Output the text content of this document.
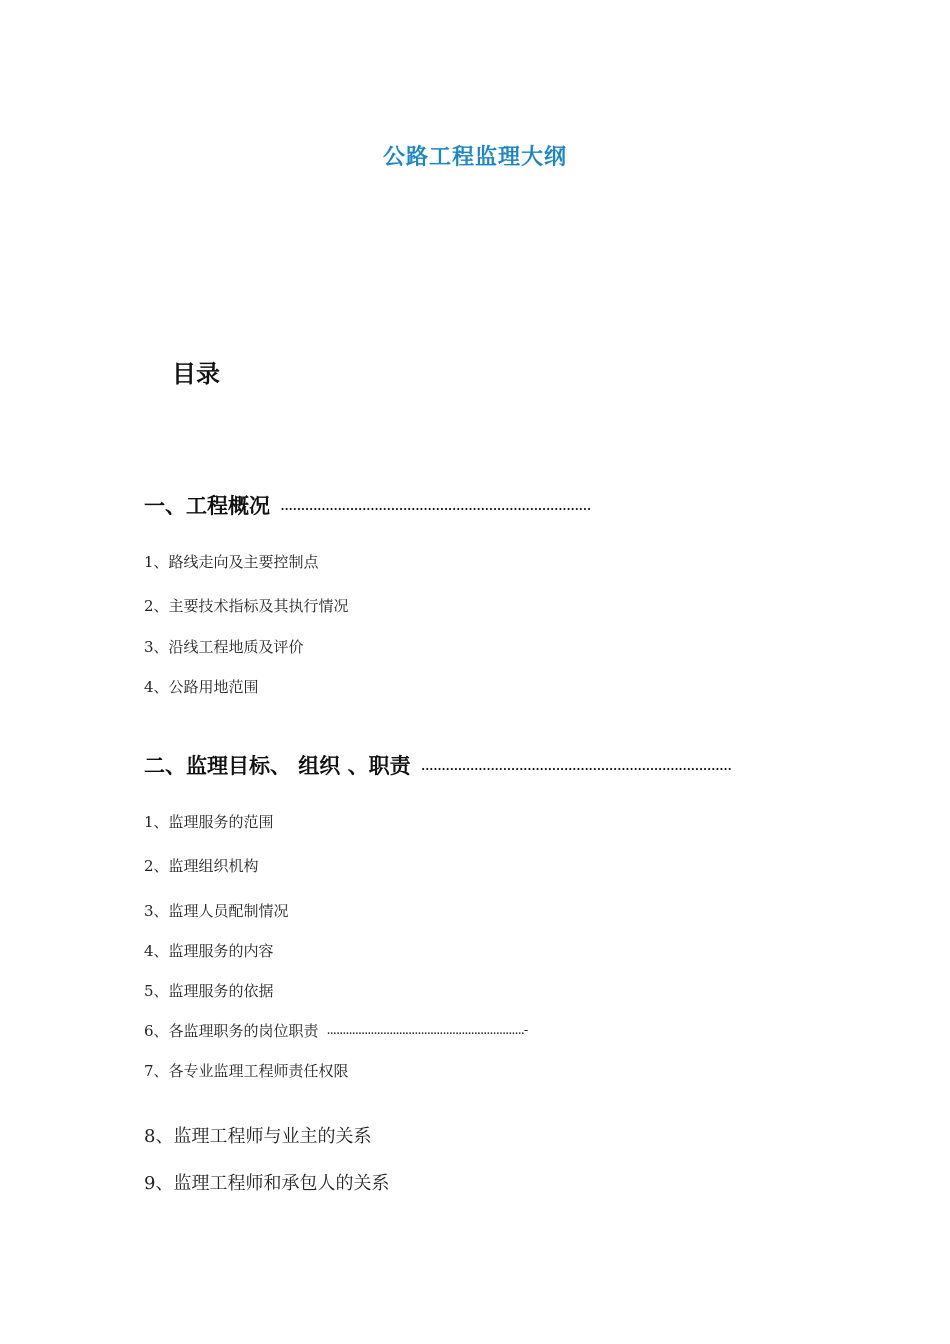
公路工程监理大纲
目录
一、工程概况 ............................................................................
1、路线走向及主要控制点
2、主要技术指标及其执行情况
3、沿线工程地质及评价
4、公路用地范围
二、监理目标、 组织 、职责 ............................................................................
1、监理服务的范围
2、监理组织机构
3、监理人员配制情况
4、监理服务的内容
5、监理服务的依据
6、各监理职务的岗位职责 ...............................................................-
7、各专业监理工程师责任权限
8、监理工程师与业主的关系
9、监理工程师和承包人的关系
